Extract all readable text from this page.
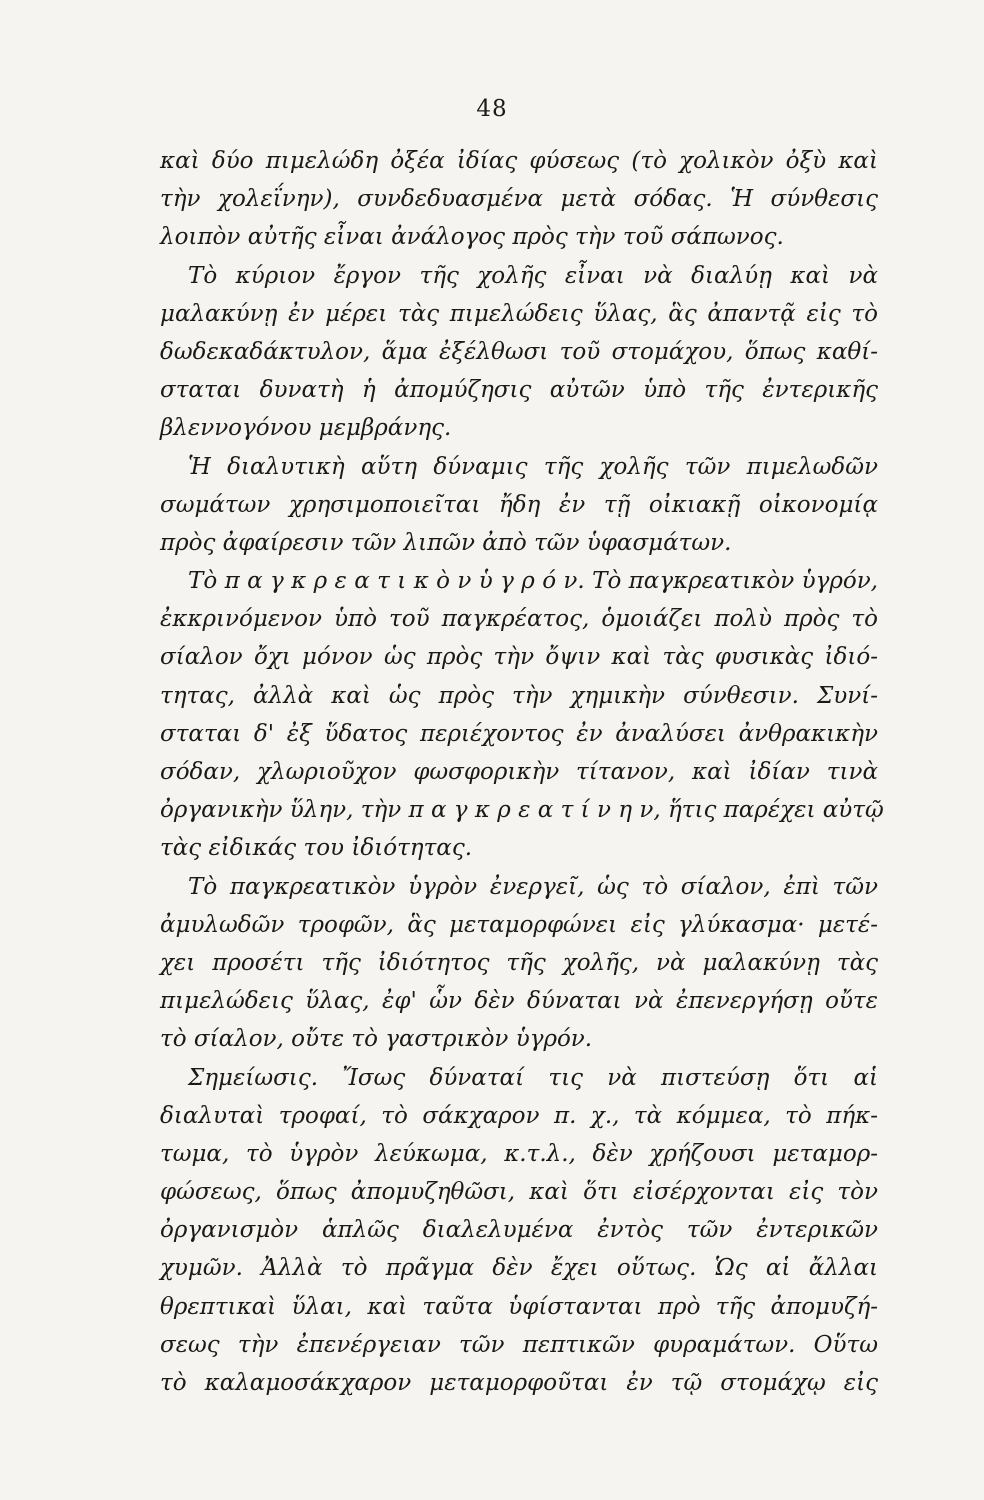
48
καὶ δύο πιμελώδη ὀξέα ἰδίας φύσεως (τὸ χολικὸν ὀξὺ καὶ
τὴν χολεΐνην), συνδεδυασμένα μετὰ σόδας. Ἡ σύνθεσις
λοιπὸν αὐτῆς εἶναι ἀνάλογος πρὸς τὴν τοῦ σάπωνος.
Τὸ κύριον ἔργον τῆς χολῆς εἶναι νὰ διαλύῃ καὶ νὰ
μαλακύνῃ ἐν μέρει τὰς πιμελώδεις ὕλας, ἃς ἀπαντᾷ εἰς τὸ
δωδεκαδάκτυλον, ἅμα ἐξέλθωσι τοῦ στομάχου, ὅπως καθί-
σταται δυνατὴ ἡ ἀπομύζησις αὐτῶν ὑπὸ τῆς ἐντερικῆς
βλεννογόνου μεμβράνης.
Ἡ διαλυτικὴ αὕτη δύναμις τῆς χολῆς τῶν πιμελωδῶν
σωμάτων χρησιμοποιεῖται ἤδη ἐν τῇ οἰκιακῇ οἰκονομίᾳ
πρὸς ἀφαίρεσιν τῶν λιπῶν ἀπὸ τῶν ὑφασμάτων.
Τὸ π α γ κ ρ ε α τ ι κ ὸ ν ὑ γ ρ ό ν. Τὸ παγκρεατικὸν ὑγρόν,
ἐκκρινόμενον ὑπὸ τοῦ παγκρέατος, ὁμοιάζει πολὺ πρὸς τὸ
σίαλον ὄχι μόνον ὡς πρὸς τὴν ὄψιν καὶ τὰς φυσικὰς ἰδιό-
τητας, ἀλλὰ καὶ ὡς πρὸς τὴν χημικὴν σύνθεσιν. Συνί-
σταται δ' ἐξ ὕδατος περιέχοντος ἐν ἀναλύσει ἀνθρακικὴν
σόδαν, χλωριοῦχον φωσφορικὴν τίτανον, καὶ ἰδίαν τινὰ
ὀργανικὴν ὕλην, τὴν π α γ κ ρ ε α τ ί ν η ν, ἥτις παρέχει αὐτῷ
τὰς εἰδικάς του ἰδιότητας.
Τὸ παγκρεατικὸν ὑγρὸν ἐνεργεῖ, ὡς τὸ σίαλον, ἐπὶ τῶν
ἀμυλωδῶν τροφῶν, ἃς μεταμορφώνει εἰς γλύκασμα· μετέ-
χει προσέτι τῆς ἰδιότητος τῆς χολῆς, νὰ μαλακύνῃ τὰς
πιμελώδεις ὕλας, ἐφ' ὧν δὲν δύναται νὰ ἐπενεργήσῃ οὔτε
τὸ σίαλον, οὔτε τὸ γαστρικὸν ὑγρόν.
Σημείωσις. Ἴσως δύναταί τις νὰ πιστεύσῃ ὅτι αἱ
διαλυταὶ τροφαί, τὸ σάκχαρον π. χ., τὰ κόμμεα, τὸ πήκ-
τωμα, τὸ ὑγρὸν λεύκωμα, κ.τ.λ., δὲν χρήζουσι μεταμορ-
φώσεως, ὅπως ἀπομυζηθῶσι, καὶ ὅτι εἰσέρχονται εἰς τὸν
ὀργανισμὸν ἁπλῶς διαλελυμένα ἐντὸς τῶν ἐντερικῶν
χυμῶν. Ἀλλὰ τὸ πρᾶγμα δὲν ἔχει οὕτως. Ὡς αἱ ἄλλαι
θρεπτικαὶ ὕλαι, καὶ ταῦτα ὑφίστανται πρὸ τῆς ἀπομυζή-
σεως τὴν ἐπενέργειαν τῶν πεπτικῶν φυραμάτων. Οὕτω
τὸ καλαμοσάκχαρον μεταμορφοῦται ἐν τῷ στομάχῳ εἰς
